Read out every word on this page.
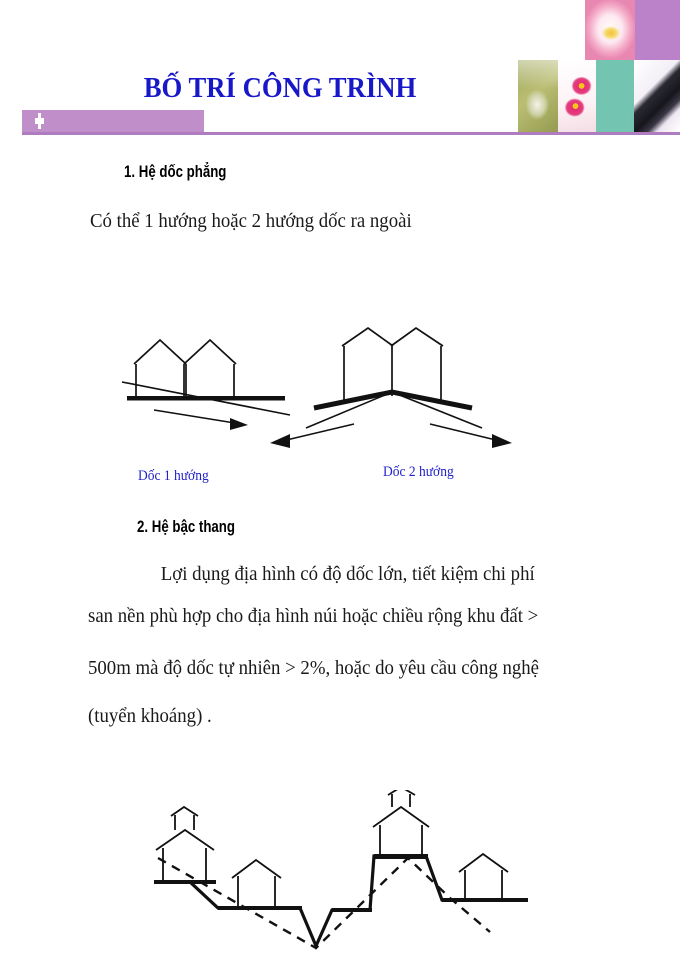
BỐ TRÍ CÔNG TRÌNH
1. Hệ dốc phẳng
Có thể 1 hướng hoặc 2 hướng dốc ra ngoài
Dốc 1 hướng	Dốc 2 hướng
2. Hệ bậc thang
Lợi dụng địa hình có độ dốc lớn, tiết kiệm chi phí
san nền phù hợp cho địa hình núi hoặc chiều rộng khu đất >
500m mà độ dốc tự nhiên > 2%, hoặc do yêu cầu công nghệ
(tuyển khoáng) .
